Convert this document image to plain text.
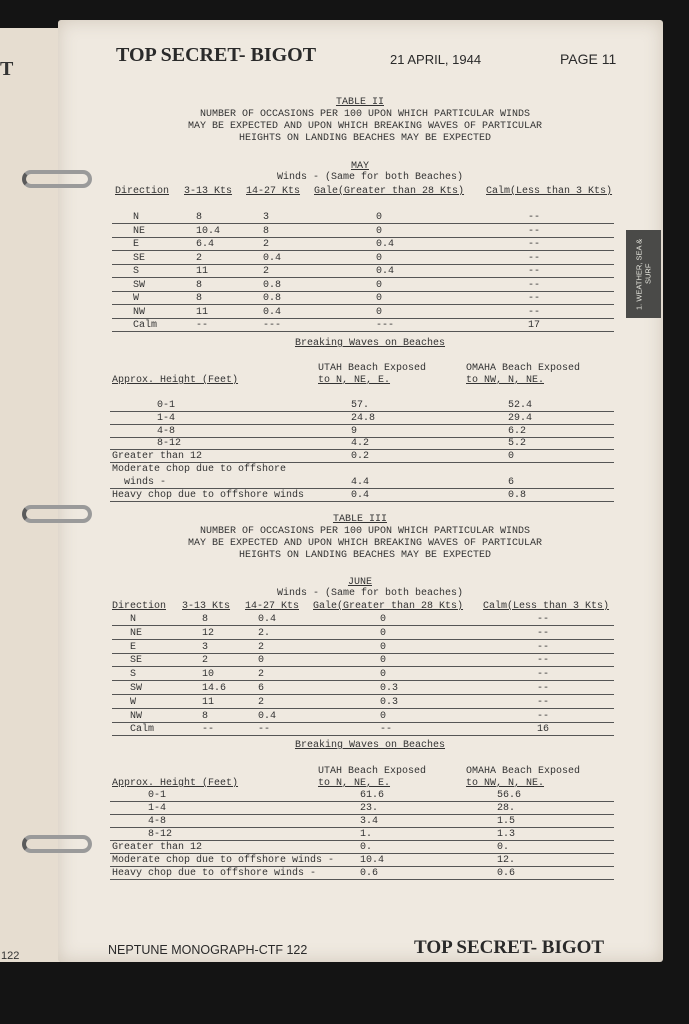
T
122
1. WEATHER, SEA & SURF
TOP SECRET- BIGOT	21 APRIL, 1944	PAGE 11
TABLE II
NUMBER OF OCCASIONS PER 100 UPON WHICH PARTICULAR WINDS
MAY BE EXPECTED AND UPON WHICH BREAKING WAVES OF PARTICULAR
HEIGHTS ON LANDING BEACHES MAY BE EXPECTED
MAY
Winds - (Same for both Beaches)
Direction 3-13 Kts 14-27 Kts Gale(Greater than 28 Kts) Calm(Less than 3 Kts)
N	8	3	0	--
NE	10.4	8	0	--
E	6.4	2	0.4	--
SE	2	0.4	0	--
S	11	2	0.4	--
SW	8	0.8	0	--
W	8	0.8	0	--
NW	11	0.4	0	--
Calm	--	---	---	17
Breaking Waves on Beaches
Approx. Height (Feet)
UTAH Beach Exposed
to N, NE, E.
OMAHA Beach Exposed
to NW, N, NE.
0-1	57.	52.4
1-4	24.8	29.4
4-8	9	6.2
8-12	4.2	5.2
Greater than 12	0.2	0
Moderate chop due to offshore
winds -	4.4	6
Heavy chop due to offshore winds	0.4	0.8
TABLE III
NUMBER OF OCCASIONS PER 100 UPON WHICH PARTICULAR WINDS
MAY BE EXPECTED AND UPON WHICH BREAKING WAVES OF PARTICULAR
HEIGHTS ON LANDING BEACHES MAY BE EXPECTED
JUNE
Winds - (Same for both beaches)
Direction 3-13 Kts 14-27 Kts Gale(Greater than 28 Kts) Calm(Less than 3 Kts)
N	8	0.4	0	--
NE	12	2.	0	--
E	3	2	0	--
SE	2	0	0	--
S	10	2	0	--
SW	14.6	6	0.3	--
W	11	2	0.3	--
NW	8	0.4	0	--
Calm	--	--	--	16
Breaking Waves on Beaches
Approx. Height (Feet)
UTAH Beach Exposed
to N, NE, E.
OMAHA Beach Exposed
to NW, N, NE.
0-1	61.6	56.6
1-4	23.	28.
4-8	3.4	1.5
8-12	1.	1.3
Greater than 12	0.	0.
Moderate chop due to offshore winds -	10.4	12.
Heavy chop due to offshore winds -	0.6	0.6
NEPTUNE MONOGRAPH-CTF 122	TOP SECRET- BIGOT
